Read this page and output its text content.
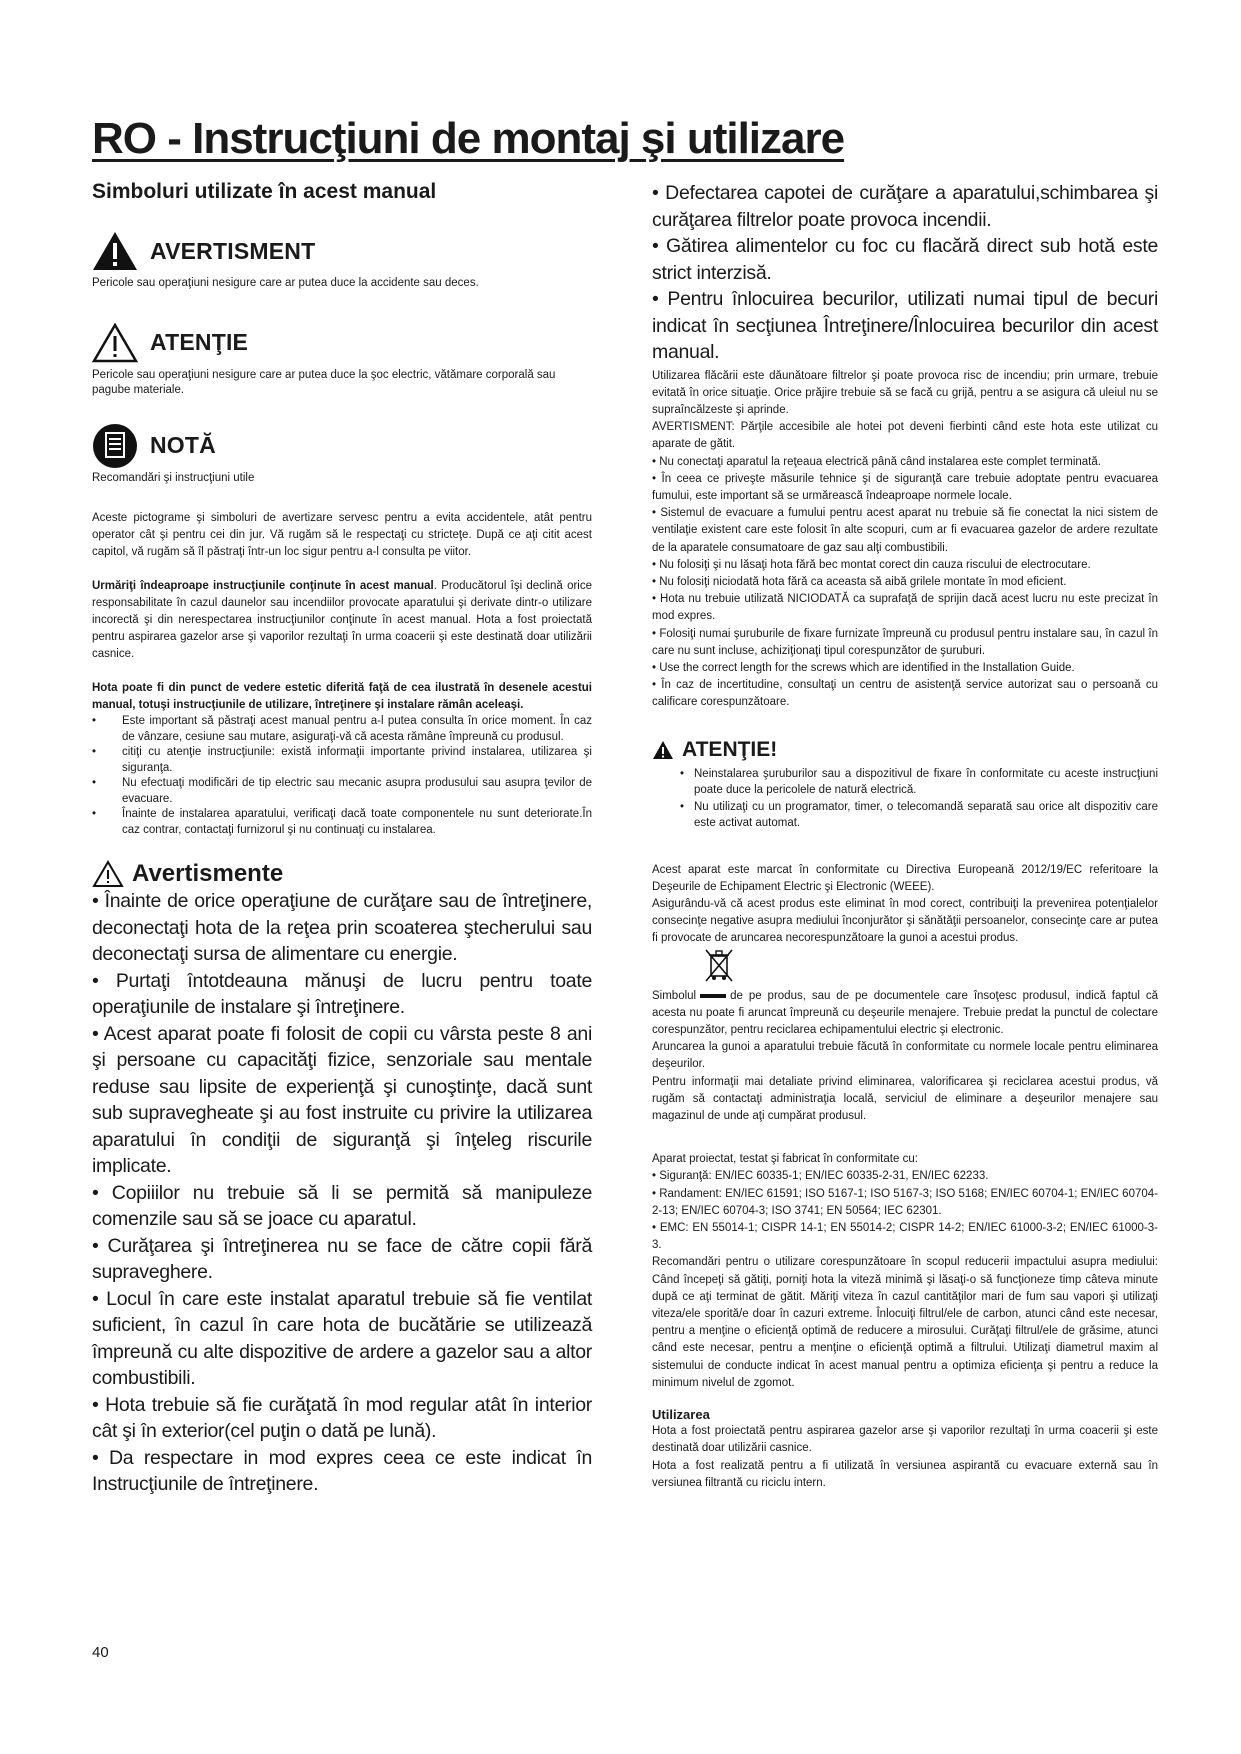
RO - Instrucţiuni de montaj şi utilizare
Simboluri utilizate în acest manual
AVERTISMENT

Pericole sau operaţiuni nesigure care ar putea duce la accidente sau deces.

ATENŢIE

Pericole sau operaţiuni nesigure care ar putea duce la şoc electric, vătămare corporală sau pagube materiale.

NOTĂ

Recomandări şi instrucţiuni utile

Aceste pictograme şi simboluri de avertizare servesc pentru a evita accidentele, atât pentru operator cât şi pentru cei din jur. Vă rugăm să le respectaţi cu stricteţe. După ce aţi citit acest capitol, vă rugăm să îl păstraţi într-un loc sigur pentru a-l consulta pe viitor.

Urmăriţi îndeaproape instrucţiunile conţinute în acest manual. Producătorul îşi declină orice responsabilitate în cazul daunelor sau incendiilor provocate aparatului şi derivate dintr-o utilizare incorectă şi din nerespectarea instrucţiunilor conţinute în acest manual. Hota a fost proiectată pentru aspirarea gazelor arse şi vaporilor rezultaţi în urma coacerii şi este destinată doar utilizării casnice.

Hota poate fi din punct de vedere estetic diferită faţă de cea ilustrată în desenele acestui manual, totuşi instrucţiunile de utilizare, întreţinere şi instalare rămân aceleaşi.

• Este important să păstraţi acest manual pentru a-l putea consulta în orice moment. În caz de vânzare, cesiune sau mutare, asiguraţi-vă că acesta rămâne împreună cu produsul.
• citiţi cu atenţie instrucţiunile: există informaţii importante privind instalarea, utilizarea şi siguranţa.
• Nu efectuaţi modificări de tip electric sau mecanic asupra produsului sau asupra ţevilor de evacuare.
• Înainte de instalarea aparatului, verificaţi dacă toate componentele nu sunt deteriorate.În caz contrar, contactaţi furnizorul şi nu continuaţi cu instalarea.
Avertismente
• Înainte de orice operaţiune de curăţare sau de întreţinere, deconectaţi hota de la reţea prin scoaterea ştecherului sau deconectaţi sursa de alimentare cu energie.
• Purtaţi întotdeauna mănuşi de lucru pentru toate operaţiunile de instalare şi întreţinere.
• Acest aparat poate fi folosit de copii cu vârsta peste 8 ani şi persoane cu capacităţi fizice, senzoriale sau mentale reduse sau lipsite de experienţă şi cunoştinţe, dacă sunt sub supravegheate şi au fost instruite cu privire la utilizarea aparatului în condiţii de siguranţă şi înţeleg riscurile implicate.
• Copiiilor nu trebuie să li se permită să manipuleze comenzile sau să se joace cu aparatul.
• Curăţarea şi întreţinerea nu se face de către copii fără supraveghere.
• Locul în care este instalat aparatul trebuie să fie ventilat suficient, în cazul în care hota de bucătărie se utilizează împreună cu alte dispozitive de ardere a gazelor sau a altor combustibili.
• Hota trebuie să fie curăţată în mod regular atât în interior cât şi în exterior(cel puţin o dată pe lună).
• Da respectare in mod expres ceea ce este indicat în Instrucţiunile de întreţinere.
• Defectarea capotei de curăţare a aparatului,schimbarea şi curăţarea filtrelor poate provoca incendii.
• Gătirea alimentelor cu foc cu flacără direct sub hotă este strict interzisă.
• Pentru înlocuirea becurilor, utilizati numai tipul de becuri indicat în secţiunea Întreţinere/Înlocuirea becurilor din acest manual.

Utilizarea flăcării este dăunătoare filtrelor şi poate provoca risc de incendiu; prin urmare, trebuie evitată în orice situaţie. Orice prăjire trebuie să se facă cu grijă, pentru a se asigura că uleiul nu se supraîncălzeste şi aprinde.

AVERTISMENT: Părţile accesibile ale hotei pot deveni fierbinti când este hota este utilizat cu aparate de gătit.

• Nu conectaţi aparatul la reţeaua electrică până când instalarea este complet terminată.

• În ceea ce priveşte măsurile tehnice şi de siguranţă care trebuie adoptate pentru evacuarea fumului, este important să se urmărească îndeaproape normele locale.

• Sistemul de evacuare a fumului pentru acest aparat nu trebuie să fie conectat la nici sistem de ventilaţie existent care este folosit în alte scopuri, cum ar fi evacuarea gazelor de ardere rezultate de la aparatele consumatoare de gaz sau alţi combustibili.

• Nu folosiţi şi nu lăsaţi hota fără bec montat corect din cauza riscului de electrocutare.

• Nu folosiţi niciodată hota fără ca aceasta să aibă grilele montate în mod eficient.

• Hota nu trebuie utilizată NICIODATĂ ca suprafaţă de sprijin dacă acest lucru nu este precizat în mod expres.

• Folosiţi numai şuruburile de fixare furnizate împreună cu produsul pentru instalare sau, în cazul în care nu sunt incluse, achiziţionaţi tipul corespunzător de şuruburi.

• Use the correct length for the screws which are identified in the Installation Guide.

• În caz de incertitudine, consultaţi un centru de asistenţă service autorizat sau o persoană cu calificare corespunzătoare.

ATENŢIE!
• Neinstalarea şuruburilor sau a dispozitivul de fixare în conformitate cu aceste instrucţiuni poate duce la pericolele de natură electrică.
• Nu utilizaţi cu un programator, timer, o telecomandă separată sau orice alt dispozitiv care este activat automat.

Acest aparat este marcat în conformitate cu Directiva Europeană 2012/19/EC referitoare la Deşeurile de Echipament Electric şi Electronic (WEEE).

Asigurându-vă că acest produs este eliminat în mod corect, contribuiţi la prevenirea potenţialelor consecinţe negative asupra mediului înconjurător şi sănătăţii persoanelor, consecinţe care ar putea fi provocate de aruncarea necorespunzătoare la gunoi a acestui produs.

Simbolul	de pe produs, sau de pe documentele care însoţesc produsul, indică faptul că acesta nu poate fi aruncat împreună cu deşeurile menajere. Trebuie predat la punctul de colectare corespunzător, pentru reciclarea echipamentului electric şi electronic.

Aruncarea la gunoi a aparatului trebuie făcută în conformitate cu normele locale pentru eliminarea deşeurilor.

Pentru informaţii mai detaliate privind eliminarea, valorificarea şi reciclarea acestui produs, vă rugăm să contactaţi administraţia locală, serviciul de eliminare a deşeurilor menajere sau magazinul de unde aţi cumpărat produsul.

Aparat proiectat, testat şi fabricat în conformitate cu:

• Siguranţă: EN/IEC 60335-1; EN/IEC 60335-2-31, EN/IEC 62233.

• Randament: EN/IEC 61591; ISO 5167-1; ISO 5167-3; ISO 5168; EN/IEC 60704-1; EN/IEC 60704-2-13; EN/IEC 60704-3; ISO 3741; EN 50564; IEC 62301.

• EMC: EN 55014-1; CISPR 14-1; EN 55014-2; CISPR 14-2; EN/IEC 61000-3-2; EN/IEC 61000-3-3.

Recomandări pentru o utilizare corespunzătoare în scopul reducerii impactului asupra mediului: Când începeţi să gătiţi, porniţi hota la viteză minimă şi lăsaţi-o să funcţioneze timp câteva minute după ce aţi terminat de gătit. Măriţi viteza în cazul cantităţilor mari de fum sau vapori şi utilizaţi viteza/ele sporită/e doar în cazuri extreme. Înlocuiţi filtrul/ele de carbon, atunci când este necesar, pentru a menţine o eficienţă optimă de reducere a mirosului. Curăţaţi filtrul/ele de grăsime, atunci când este necesar, pentru a menţine o eficienţă optimă a filtrului. Utilizaţi diametrul maxim al sistemului de conducte indicat în acest manual pentru a optimiza eficienţa şi pentru a reduce la minimum nivelul de zgomot.

Utilizarea

Hota a fost proiectată pentru aspirarea gazelor arse şi vaporilor rezultaţi în urma coacerii şi este destinată doar utilizării casnice.

Hota a fost realizată pentru a fi utilizată în versiunea aspirantă cu evacuare externă sau în versiunea filtrantă cu riciclu intern.

40
